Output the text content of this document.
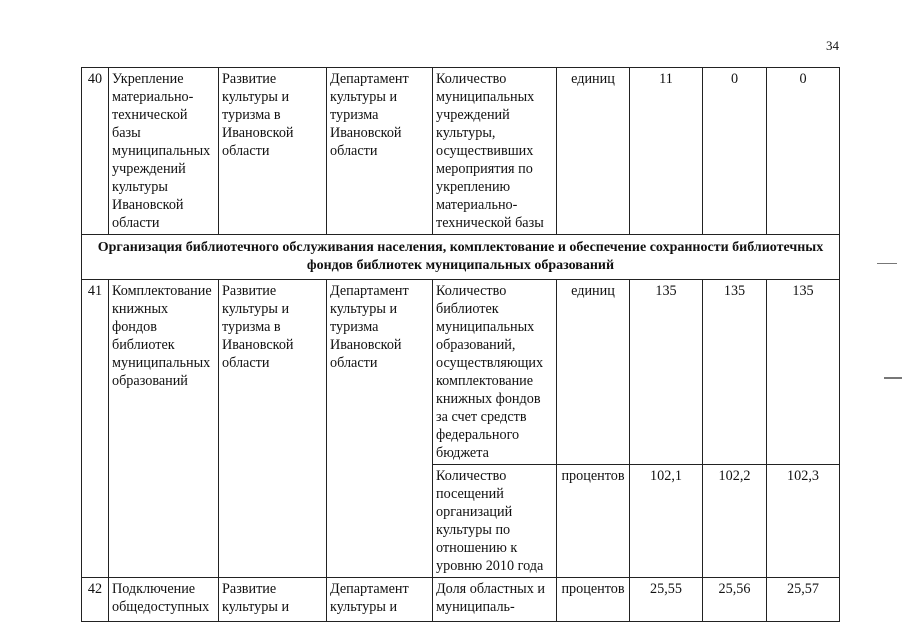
34
40	Укрепление материально-технической базы муниципальных учреждений культуры Ивановской области	Развитие культуры и туризма в Ивановской области	Департамент культуры и туризма Ивановской области	Количество муниципальных учреждений культуры, осуществивших мероприятия по укреплению материально-технической базы	единиц	11	0	0
Организация библиотечного обслуживания населения, комплектование и обеспечение сохранности библиотечных фондов библиотек муниципальных образований								
41	Комплектование книжных фондов библиотек муниципальных образований	Развитие культуры и туризма в Ивановской области	Департамент культуры и туризма Ивановской области	Количество библиотек муниципальных образований, осуществляющих комплектование книжных фондов за счет средств федерального бюджета	единиц	135	135	135
				Количество посещений организаций культуры по отношению к уровню 2010 года	процентов	102,1	102,2	102,3
42	Подключение общедоступных	Развитие культуры и	Департамент культуры и	Доля областных и муниципаль-	процентов	25,55	25,56	25,57
